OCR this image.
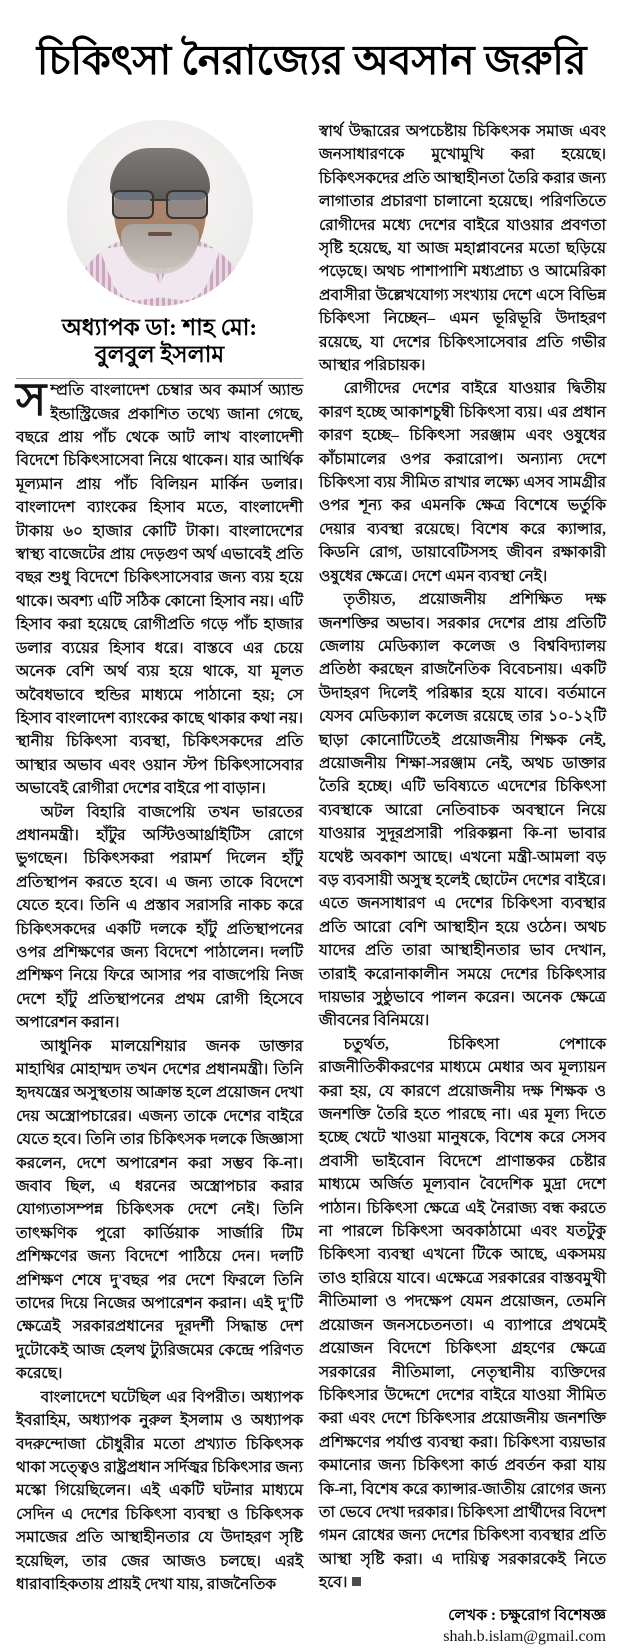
চিকিৎসা নৈরাজ্যের অবসান জরুরি
অধ্যাপক ডা: শাহ মো:
বুলবুল ইসলাম

সম্প্রতি বাংলাদেশ চেম্বার অব কমার্স অ্যান্ড ইন্ডাস্ট্রিজের প্রকাশিত তথ্যে জানা গেছে, বছরে প্রায় পাঁচ থেকে আট লাখ বাংলাদেশী বিদেশে চিকিৎসাসেবা নিয়ে থাকেন। যার আর্থিক মূল্যমান প্রায় পাঁচ বিলিয়ন মার্কিন ডলার। বাংলাদেশ ব্যাংকের হিসাব মতে, বাংলাদেশী টাকায় ৬০ হাজার কোটি টাকা। বাংলাদেশের স্বাস্থ্য বাজেটের প্রায় দেড়গুণ অর্থ এভাবেই প্রতি বছর শুধু বিদেশে চিকিৎসাসেবার জন্য ব্যয় হয়ে থাকে। অবশ্য এটি সঠিক কোনো হিসাব নয়। এটি হিসাব করা হয়েছে রোগীপ্রতি গড়ে পাঁচ হাজার ডলার ব্যয়ের হিসাব ধরে। বাস্তবে এর চেয়ে অনেক বেশি অর্থ ব্যয় হয়ে থাকে, যা মূলত অবৈধভাবে হুন্ডির মাধ্যমে পাঠানো হয়; সে হিসাব বাংলাদেশ ব্যাংকের কাছে থাকার কথা নয়। স্থানীয় চিকিৎসা ব্যবস্থা, চিকিৎসকদের প্রতি আস্থার অভাব এবং ওয়ান স্টপ চিকিৎসাসেবার অভাবেই রোগীরা দেশের বাইরে পা বাড়ান।

অটল বিহারি বাজপেয়ি তখন ভারতের প্রধানমন্ত্রী। হাঁটুর অস্টিওআর্থ্রাইটিস রোগে ভুগছেন। চিকিৎসকরা পরামর্শ দিলেন হাঁটু প্রতিস্থাপন করতে হবে। এ জন্য তাকে বিদেশে যেতে হবে। তিনি এ প্রস্তাব সরাসরি নাকচ করে চিকিৎসকদের একটি দলকে হাঁটু প্রতিস্থাপনের ওপর প্রশিক্ষণের জন্য বিদেশে পাঠালেন। দলটি প্রশিক্ষণ নিয়ে ফিরে আসার পর বাজপেয়ি নিজ দেশে হাঁটু প্রতিস্থাপনের প্রথম রোগী হিসেবে অপারেশন করান।

আধুনিক মালয়েশিয়ার জনক ডাক্তার মাহাথির মোহাম্মদ তখন দেশের প্রধানমন্ত্রী। তিনি হৃদযন্ত্রের অসুস্থতায় আক্রান্ত হলে প্রয়োজন দেখা দেয় অস্ত্রোপচারের। এজন্য তাকে দেশের বাইরে যেতে হবে। তিনি তার চিকিৎসক দলকে জিজ্ঞাসা করলেন, দেশে অপারেশন করা সম্ভব কি-না। জবাব ছিল, এ ধরনের অস্ত্রোপচার করার যোগ্যতাসম্পন্ন চিকিৎসক দেশে নেই। তিনি তাৎক্ষণিক পুরো কার্ডিয়াক সার্জারি টিম প্রশিক্ষণের জন্য বিদেশে পাঠিয়ে দেন। দলটি প্রশিক্ষণ শেষে দু'বছর পর দেশে ফিরলে তিনি তাদের দিয়ে নিজের অপারেশন করান। এই দু'টি ক্ষেত্রেই সরকারপ্রধানের দূরদর্শী সিদ্ধান্ত দেশ দুটোকেই আজ হেলথ ট্যুরিজমের কেন্দ্রে পরিণত করেছে।

বাংলাদেশে ঘটেছিল এর বিপরীত। অধ্যাপক ইবরাহিম, অধ্যাপক নুরুল ইসলাম ও অধ্যাপক বদরুন্দোজা চৌধুরীর মতো প্রখ্যাত চিকিৎসক থাকা সত্ত্বেও রাষ্ট্রপ্রধান সর্দিজ্বর চিকিৎসার জন্য মস্কো গিয়েছিলেন। এই একটি ঘটনার মাধ্যমে সেদিন এ দেশের চিকিৎসা ব্যবস্থা ও চিকিৎসক সমাজের প্রতি আস্থাহীনতার যে উদাহরণ সৃষ্টি হয়েছিল, তার জের আজও চলছে। এরই ধারাবাহিকতায় প্রায়ই দেখা যায়, রাজনৈতিক

স্বার্থ উদ্ধারের অপচেষ্টায় চিকিৎসক সমাজ এবং জনসাধারণকে মুখোমুখি করা হয়েছে। চিকিৎসকদের প্রতি আস্থাহীনতা তৈরি করার জন্য লাগাতার প্রচারণা চালানো হয়েছে। পরিণতিতে রোগীদের মধ্যে দেশের বাইরে যাওয়ার প্রবণতা সৃষ্টি হয়েছে, যা আজ মহাপ্লাবনের মতো ছড়িয়ে পড়েছে। অথচ পাশাপাশি মধ্যপ্রাচ্য ও আমেরিকা প্রবাসীরা উল্লেখযোগ্য সংখ্যায় দেশে এসে বিভিন্ন চিকিৎসা নিচ্ছেন– এমন ভূরিভূরি উদাহরণ রয়েছে, যা দেশের চিকিৎসাসেবার প্রতি গভীর আস্থার পরিচায়ক।

রোগীদের দেশের বাইরে যাওয়ার দ্বিতীয় কারণ হচ্ছে আকাশচুম্বী চিকিৎসা ব্যয়। এর প্রধান কারণ হচ্ছে– চিকিৎসা সরঞ্জাম এবং ওষুধের কাঁচামালের ওপর করারোপ। অন্যান্য দেশে চিকিৎসা ব্যয় সীমিত রাখার লক্ষ্যে এসব সামগ্রীর ওপর শূন্য কর এমনকি ক্ষেত্র বিশেষে ভর্তুকি দেয়ার ব্যবস্থা রয়েছে। বিশেষ করে ক্যান্সার, কিডনি রোগ, ডায়াবেটিসসহ জীবন রক্ষাকারী ওষুধের ক্ষেত্রে। দেশে এমন ব্যবস্থা নেই।

তৃতীয়ত, প্রয়োজনীয় প্রশিক্ষিত দক্ষ জনশক্তির অভাব। সরকার দেশের প্রায় প্রতিটি জেলায় মেডিক্যাল কলেজ ও বিশ্ববিদ্যালয় প্রতিষ্ঠা করছেন রাজনৈতিক বিবেচনায়। একটি উদাহরণ দিলেই পরিষ্কার হয়ে যাবে। বর্তমানে যেসব মেডিক্যাল কলেজ রয়েছে তার ১০-১২টি ছাড়া কোনোটিতেই প্রয়োজনীয় শিক্ষক নেই, প্রয়োজনীয় শিক্ষা-সরঞ্জাম নেই, অথচ ডাক্তার তৈরি হচ্ছে। এটি ভবিষ্যতে এদেশের চিকিৎসা ব্যবস্থাকে আরো নেতিবাচক অবস্থানে নিয়ে যাওয়ার সুদূরপ্রসারী পরিকল্পনা কি-না ভাবার যথেষ্ট অবকাশ আছে। এখনো মন্ত্রী-আমলা বড় বড় ব্যবসায়ী অসুস্থ হলেই ছোটেন দেশের বাইরে। এতে জনসাধারণ এ দেশের চিকিৎসা ব্যবস্থার প্রতি আরো বেশি আস্থাহীন হয়ে ওঠেন। অথচ যাদের প্রতি তারা আস্থাহীনতার ভাব দেখান, তারাই করোনাকালীন সময়ে দেশের চিকিৎসার দায়ভার সুষ্ঠুভাবে পালন করেন। অনেক ক্ষেত্রে জীবনের বিনিময়ে।

চতুর্থত, চিকিৎসা পেশাকে রাজনীতিকীকরণের মাধ্যমে মেধার অব মূল্যায়ন করা হয়, যে কারণে প্রয়োজনীয় দক্ষ শিক্ষক ও জনশক্তি তৈরি হতে পারছে না। এর মূল্য দিতে হচ্ছে খেটে খাওয়া মানুষকে, বিশেষ করে সেসব প্রবাসী ভাইবোন বিদেশে প্রাণান্তকর চেষ্টার মাধ্যমে অর্জিত মূল্যবান বৈদেশিক মুদ্রা দেশে পাঠান। চিকিৎসা ক্ষেত্রে এই নৈরাজ্য বন্ধ করতে না পারলে চিকিৎসা অবকাঠামো এবং যতটুকু চিকিৎসা ব্যবস্থা এখনো টিকে আছে, একসময় তাও হারিয়ে যাবে। এক্ষেত্রে সরকারের বাস্তবমুখী নীতিমালা ও পদক্ষেপ যেমন প্রয়োজন, তেমনি প্রয়োজন জনসচেতনতা। এ ব্যাপারে প্রথমেই প্রয়োজন বিদেশে চিকিৎসা গ্রহণের ক্ষেত্রে সরকারের নীতিমালা, নেতৃস্থানীয় ব্যক্তিদের চিকিৎসার উদ্দেশে দেশের বাইরে যাওয়া সীমিত করা এবং দেশে চিকিৎসার প্রয়োজনীয় জনশক্তি প্রশিক্ষণের পর্যাপ্ত ব্যবস্থা করা। চিকিৎসা ব্যয়ভার কমানোর জন্য চিকিৎসা কার্ড প্রবর্তন করা যায় কি-না, বিশেষ করে ক্যান্সার-জাতীয় রোগের জন্য তা ভেবে দেখা দরকার। চিকিৎসা প্রার্থীদের বিদেশ গমন রোধের জন্য দেশের চিকিৎসা ব্যবস্থার প্রতি আস্থা সৃষ্টি করা। এ দায়িত্ব সরকারকেই নিতে হবে।

লেখক : চক্ষুরোগ বিশেষজ্ঞ
shah.b.islam@gmail.com
